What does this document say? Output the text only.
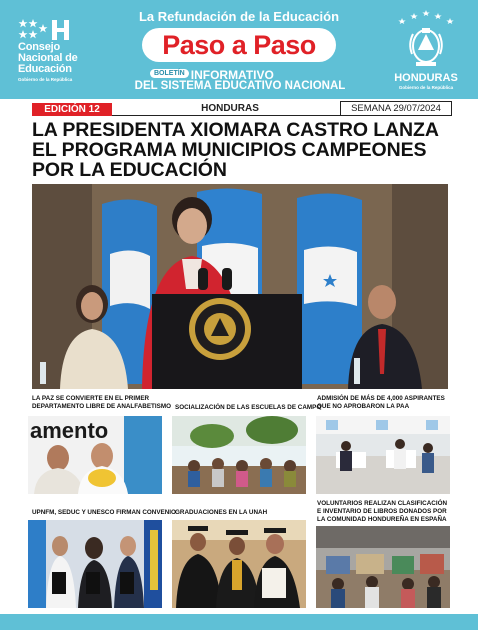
Consejo
Nacional de
Educación
Gobierno de la República
La Refundación de la Educación
Paso a Paso
BOLETÍN INFORMATIVO
DEL SISTEMA EDUCATIVO NACIONAL
HONDURAS
Gobierno de la República
EDICIÓN 12	HONDURAS	SEMANA 29/07/2024
LA PRESIDENTA XIOMARA CASTRO LANZA
EL PROGRAMA MUNICIPIOS CAMPEONES
POR LA EDUCACIÓN
LA PAZ SE CONVIERTE EN EL PRIMER
DEPARTAMENTO LIBRE DE ANALFABETISMO
amento
SOCIALIZACIÓN DE LAS ESCUELAS DE CAMPO
ADMISIÓN DE MÁS DE 4,000 ASPIRANTES
QUE NO APROBARON LA PAA
UPNFM, SEDUC Y UNESCO FIRMAN CONVENIO GRADUACIONES EN LA UNAH
VOLUNTARIOS REALIZAN CLASIFICACIÓN
E INVENTARIO DE LIBROS DONADOS POR
LA COMUNIDAD HONDUREÑA EN ESPAÑA
